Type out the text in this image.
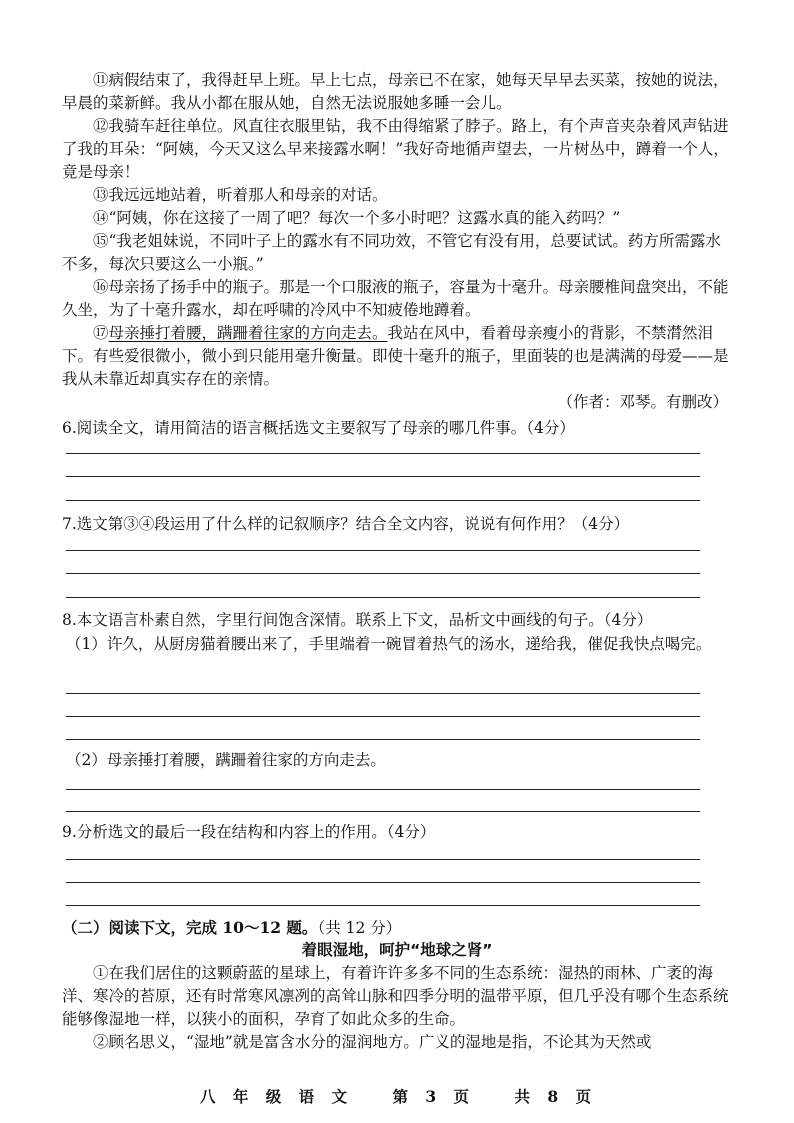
⑪病假结束了，我得赶早上班。早上七点，母亲已不在家，她每天早早去买菜，按她的说法，早晨的菜新鲜。我从小都在服从她，自然无法说服她多睡一会儿。

⑫我骑车赶往单位。风直往衣服里钻，我不由得缩紧了脖子。路上，有个声音夹杂着风声钻进了我的耳朵：“阿姨，今天又这么早来接露水啊！”我好奇地循声望去，一片树丛中，蹲着一个人，竟是母亲！

⑬我远远地站着，听着那人和母亲的对话。

⑭“阿姨，你在这接了一周了吧？每次一个多小时吧？这露水真的能入药吗？”

⑮“我老姐妹说，不同叶子上的露水有不同功效，不管它有没有用，总要试试。药方所需露水不多，每次只要这么一小瓶。”

⑯母亲扬了扬手中的瓶子。那是一个口服液的瓶子，容量为十毫升。母亲腰椎间盘突出，不能久坐，为了十毫升露水，却在呼啸的冷风中不知疲倦地蹲着。

⑰母亲捶打着腰，蹒跚着往家的方向走去。我站在风中，看着母亲瘦小的背影，不禁潸然泪下。有些爱很微小，微小到只能用毫升衡量。即使十毫升的瓶子，里面装的也是满满的母爱——是我从未靠近却真实存在的亲情。

（作者：邓琴。有删改）

6.阅读全文，请用简洁的语言概括选文主要叙写了母亲的哪几件事。（4分）

7.选文第③④段运用了什么样的记叙顺序？结合全文内容，说说有何作用？（4分）

8.本文语言朴素自然，字里行间饱含深情。联系上下文，品析文中画线的句子。（4分）

（1）许久，从厨房猫着腰出来了，手里端着一碗冒着热气的汤水，递给我，催促我快点喝完。

（2）母亲捶打着腰，蹒跚着往家的方向走去。

9.分析选文的最后一段在结构和内容上的作用。（4分）

（二）阅读下文，完成 10～12 题。（共 12 分）
着眼湿地，呵护“地球之肾”

①在我们居住的这颗蔚蓝的星球上，有着许许多多不同的生态系统：湿热的雨林、广袤的海洋、寒冷的苔原，还有时常寒风凛冽的高耸山脉和四季分明的温带平原，但几乎没有哪个生态系统能够像湿地一样，以狭小的面积，孕育了如此众多的生命。

②顾名思义，“湿地”就是富含水分的湿润地方。广义的湿地是指，不论其为天然或

八 年 级 语 文	第 3 页	共 8 页
